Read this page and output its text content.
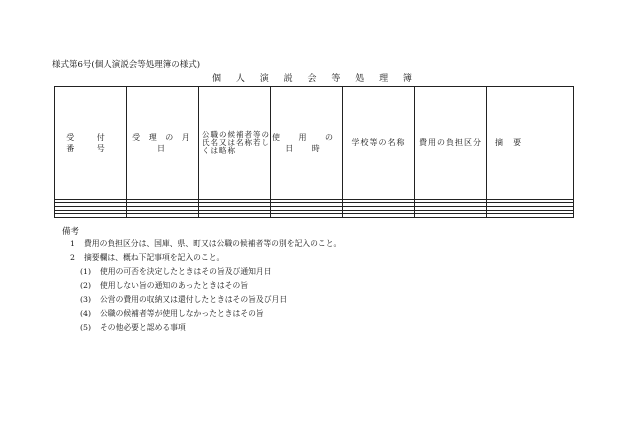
様式第6号(個人演説会等処理簿の様式)
個 人 演 説 会 等 処 理 簿
受 付 番 号	受 理 の 月 日	公職の候補者等の氏名又は名称若しくは略称	使 用 の 日 時	学校等の名称	費用の負担区分	摘    要

備考
1 費用の負担区分は、国庫、県、町又は公職の候補者等の別を記入のこと。
2 摘要欄は、概ね下記事項を記入のこと。
(1) 使用の可否を決定したときはその旨及び通知月日
(2) 使用しない旨の通知のあったときはその旨
(3) 公営の費用の収納又は還付したときはその旨及び月日
(4) 公職の候補者等が使用しなかったときはその旨
(5) その他必要と認める事項
